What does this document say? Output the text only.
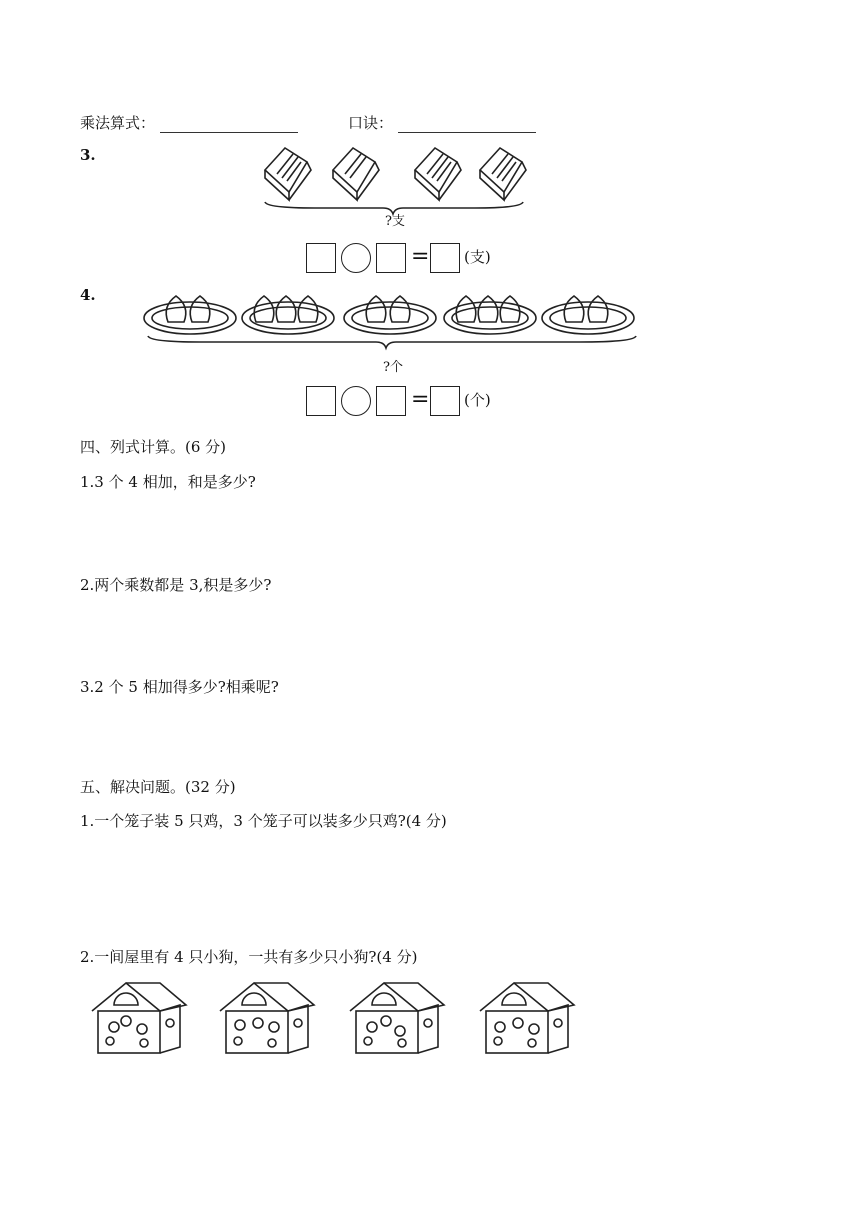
乘法算式：	口诀：
3.
?支
= (支)
4.
?个
= (个)
四、列式计算。(6 分)
1.3 个 4 相加，和是多少?
2.两个乘数都是 3,积是多少?
3.2 个 5 相加得多少?相乘呢?
五、解决问题。(32 分)
1.一个笼子装 5 只鸡，3 个笼子可以装多少只鸡?(4 分)
2.一间屋里有 4 只小狗，一共有多少只小狗?(4 分)
